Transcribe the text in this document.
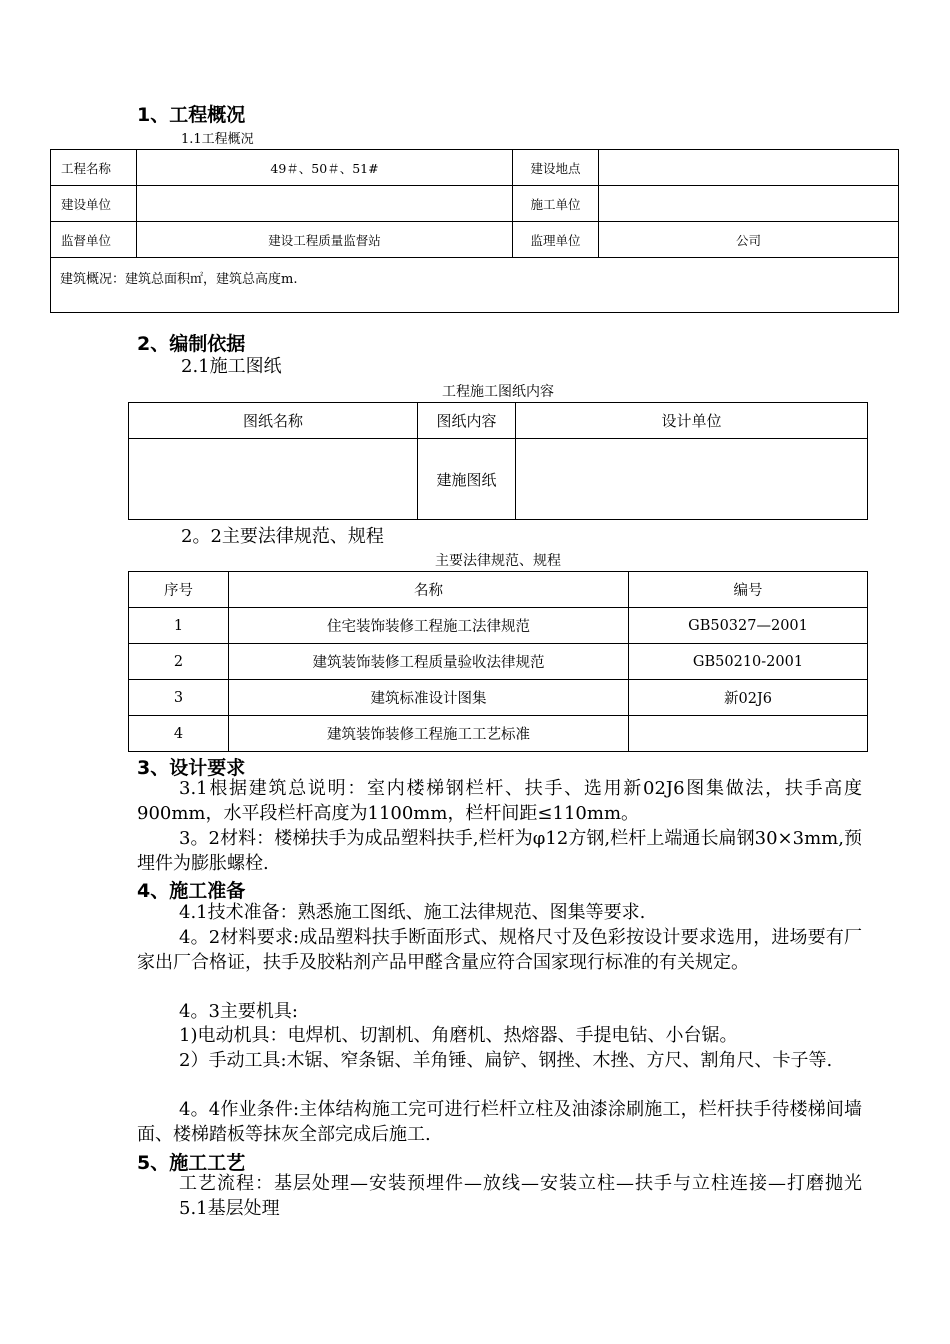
1、工程概况
1.1工程概况
工程名称	49＃、50＃、51#	建设地点	
建设单位		施工单位	
监督单位	建设工程质量监督站	监理单位	公司
建筑概况：建筑总面积㎡，建筑总高度m.			
2、编制依据
2.1施工图纸
工程施工图纸内容
图纸名称	图纸内容	设计单位
	建施图纸	
2。2主要法律规范、规程
主要法律规范、规程
序号	名称	编号
1	住宅装饰装修工程施工法律规范	GB50327—2001
2	建筑装饰装修工程质量验收法律规范	GB50210-2001
3	建筑标准设计图集	新02J6
4	建筑装饰装修工程施工工艺标准	
3、设计要求
3.1根据建筑总说明：室内楼梯钢栏杆、扶手、选用新02J6图集做法，扶手高度900mm，水平段栏杆高度为1100mm，栏杆间距≤110mm。
3。2材料：楼梯扶手为成品塑料扶手,栏杆为φ12方钢,栏杆上端通长扁钢30×3mm,预埋件为膨胀螺栓.
4、施工准备
4.1技术准备：熟悉施工图纸、施工法律规范、图集等要求.
4。2材料要求:成品塑料扶手断面形式、规格尺寸及色彩按设计要求选用，进场要有厂家出厂合格证，扶手及胶粘剂产品甲醛含量应符合国家现行标准的有关规定。
4。3主要机具:
1)电动机具：电焊机、切割机、角磨机、热熔器、手提电钻、小台锯。
2）手动工具:木锯、窄条锯、羊角锤、扁铲、钢挫、木挫、方尺、割角尺、卡子等.
4。4作业条件:主体结构施工完可进行栏杆立柱及油漆涂刷施工，栏杆扶手待楼梯间墙面、楼梯踏板等抹灰全部完成后施工.
5、施工工艺
工艺流程：基层处理—安装预埋件—放线—安装立柱—扶手与立柱连接—打磨抛光5.1基层处理
